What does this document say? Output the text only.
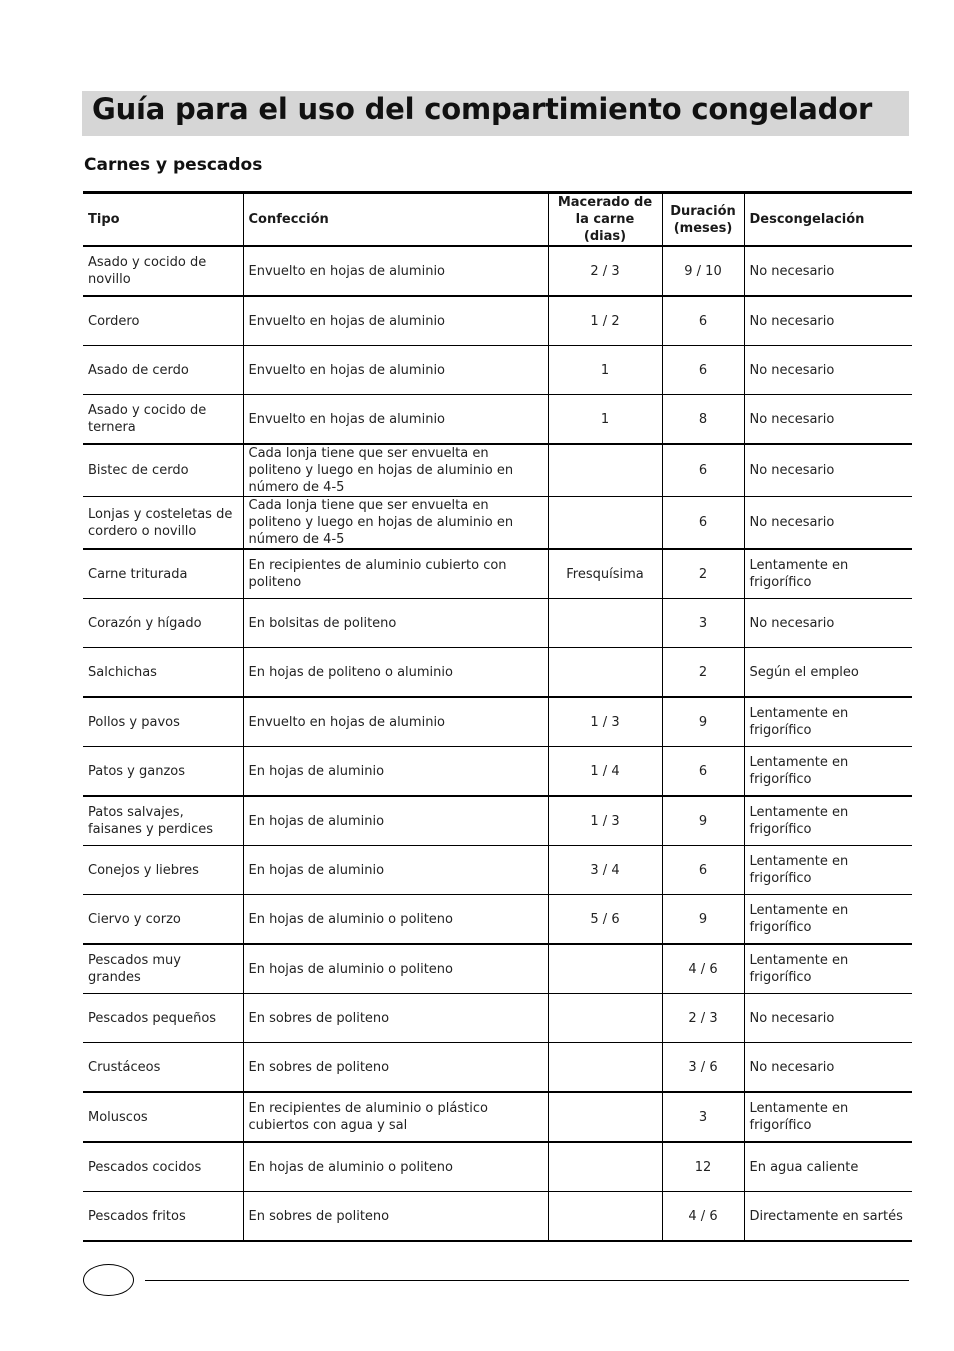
Guía para el uso del compartimiento congelador
Carnes y pescados
Tipo	Confección	Macerado de la carne (dias)	Duración (meses)	Descongelación
Asado y cocido de novillo	Envuelto en hojas de aluminio	2 / 3	9 / 10	No necesario
Cordero	Envuelto en hojas de aluminio	1 / 2	6	No necesario
Asado de cerdo	Envuelto en hojas de aluminio	1	6	No necesario
Asado y cocido de ternera	Envuelto en hojas de aluminio	1	8	No necesario
Bistec de cerdo	Cada lonja tiene que ser envuelta en politeno y luego en hojas de aluminio en número de 4-5		6	No necesario
Lonjas y costeletas de cordero o novillo	Cada lonja tiene que ser envuelta en politeno y luego en hojas de aluminio en número de 4-5		6	No necesario
Carne triturada	En recipientes de aluminio cubierto con politeno	Fresquísima	2	Lentamente en frigorífico
Corazón y hígado	En bolsitas de politeno		3	No necesario
Salchichas	En hojas de politeno o aluminio		2	Según el empleo
Pollos y pavos	Envuelto en hojas de aluminio	1 / 3	9	Lentamente en frigorífico
Patos y ganzos	En hojas de aluminio	1 / 4	6	Lentamente en frigorífico
Patos salvajes, faisanes y perdices	En hojas de aluminio	1 / 3	9	Lentamente en frigorífico
Conejos y liebres	En hojas de aluminio	3 / 4	6	Lentamente en frigorífico
Ciervo y corzo	En hojas de aluminio o politeno	5 / 6	9	Lentamente en frigorífico
Pescados muy grandes	En hojas de aluminio o politeno		4 / 6	Lentamente en frigorífico
Pescados pequeños	En sobres de politeno		2 / 3	No necesario
Crustáceos	En sobres de politeno		3 / 6	No necesario
Moluscos	En recipientes de aluminio o plástico cubiertos con agua y sal		3	Lentamente en frigorífico
Pescados cocidos	En hojas de aluminio o politeno		12	En agua caliente
Pescados fritos	En sobres de politeno		4 / 6	Directamente en sartés
